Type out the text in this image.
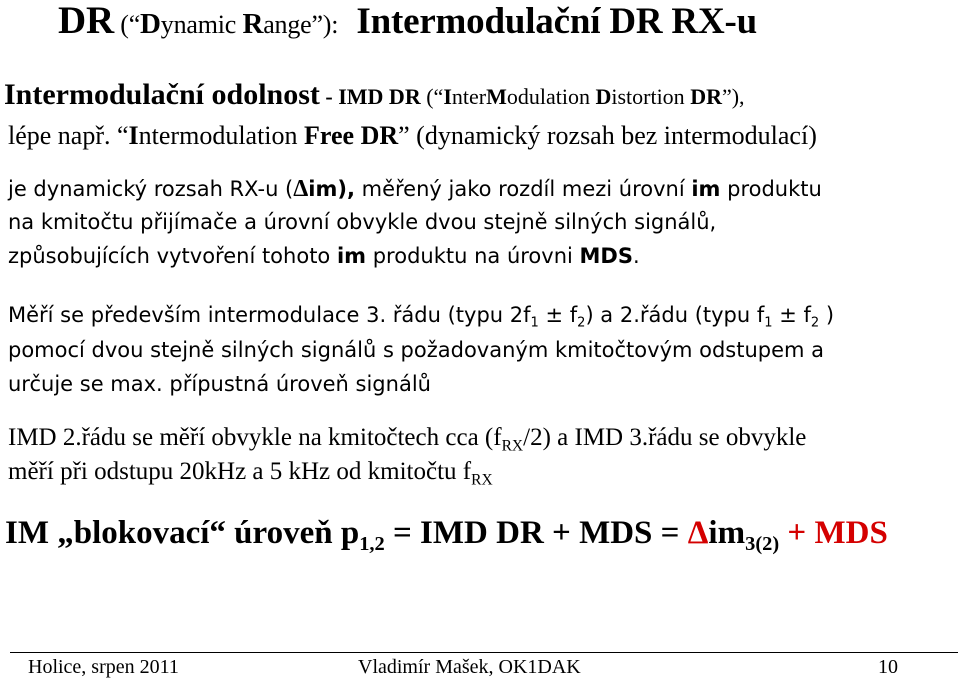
DR (“Dynamic Range”): Intermodulační DR RX-u
Intermodulační odolnost - IMD DR (“InterModulation Distortion DR”),
lépe např. “Intermodulation Free DR” (dynamický rozsah bez intermodulací)
je dynamický rozsah RX-u (Δim), měřený jako rozdíl mezi úrovní im produktu
na kmitočtu přijímače a úrovní obvykle dvou stejně silných signálů,
způsobujících vytvoření tohoto im produktu na úrovni MDS.
Měří se především intermodulace 3. řádu (typu $2f_1 \pm f_2$) a 2.řádu (typu $f_1 \pm f_2$ )
pomocí dvou stejně silných signálů s požadovaným kmitočtovým odstupem a
určuje se max. přípustná úroveň signálů
IMD 2.řádu se měří obvykle na kmitočtech cca $(f_{RX}/2)$ a IMD 3.řádu se obvykle
měří při odstupu 20kHz a 5 kHz od kmitočtu $f_{RX}$
IM „blokovací“ úroveň $p_{1,2}$ = IMD DR + MDS = Δim$_{3(2)}$ + MDS
Holice, srpen 2011	Vladimír Mašek, OK1DAK	10
